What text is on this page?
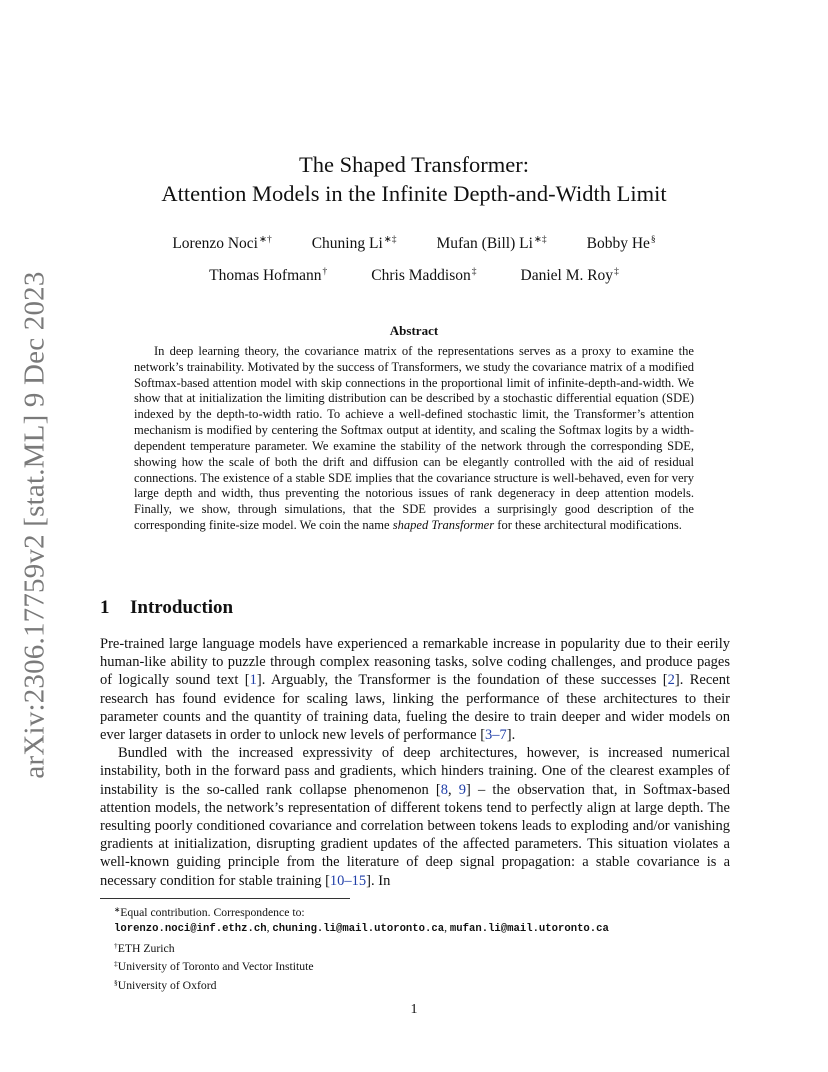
arXiv:2306.17759v2 [stat.ML] 9 Dec 2023
The Shaped Transformer:
Attention Models in the Infinite Depth-and-Width Limit
Lorenzo Noci∗†	Chuning Li∗‡	Mufan (Bill) Li∗‡	Bobby He§
Thomas Hofmann†	Chris Maddison‡	Daniel M. Roy‡
Abstract

In deep learning theory, the covariance matrix of the representations serves as a proxy to examine the network’s trainability. Motivated by the success of Transformers, we study the covariance matrix of a modified Softmax-based attention model with skip connections in the proportional limit of infinite-depth-and-width. We show that at initialization the limiting distribution can be described by a stochastic differential equation (SDE) indexed by the depth-to-width ratio. To achieve a well-defined stochastic limit, the Transformer’s attention mechanism is modified by centering the Softmax output at identity, and scaling the Softmax logits by a width-dependent temperature parameter. We examine the stability of the network through the corresponding SDE, showing how the scale of both the drift and diffusion can be elegantly controlled with the aid of residual connections. The existence of a stable SDE implies that the covariance structure is well-behaved, even for very large depth and width, thus preventing the notorious issues of rank degeneracy in deep attention models. Finally, we show, through simulations, that the SDE provides a surprisingly good description of the corresponding finite-size model. We coin the name shaped Transformer for these architectural modifications.

1 Introduction

Pre-trained large language models have experienced a remarkable increase in popularity due to their eerily human-like ability to puzzle through complex reasoning tasks, solve coding challenges, and produce pages of logically sound text [1]. Arguably, the Transformer is the foundation of these successes [2]. Recent research has found evidence for scaling laws, linking the performance of these architectures to their parameter counts and the quantity of training data, fueling the desire to train deeper and wider models on ever larger datasets in order to unlock new levels of performance [3–7].

Bundled with the increased expressivity of deep architectures, however, is increased numerical instability, both in the forward pass and gradients, which hinders training. One of the clearest examples of instability is the so-called rank collapse phenomenon [8, 9] – the observation that, in Softmax-based attention models, the network’s representation of different tokens tend to perfectly align at large depth. The resulting poorly conditioned covariance and correlation between tokens leads to exploding and/or vanishing gradients at initialization, disrupting gradient updates of the affected parameters. This situation violates a well-known guiding principle from the literature of deep signal propagation: a stable covariance is a necessary condition for stable training [10–15]. In

∗Equal contribution. Correspondence to:
lorenzo.noci@inf.ethz.ch, chuning.li@mail.utoronto.ca, mufan.li@mail.utoronto.ca
†ETH Zurich
‡University of Toronto and Vector Institute
§University of Oxford
1
